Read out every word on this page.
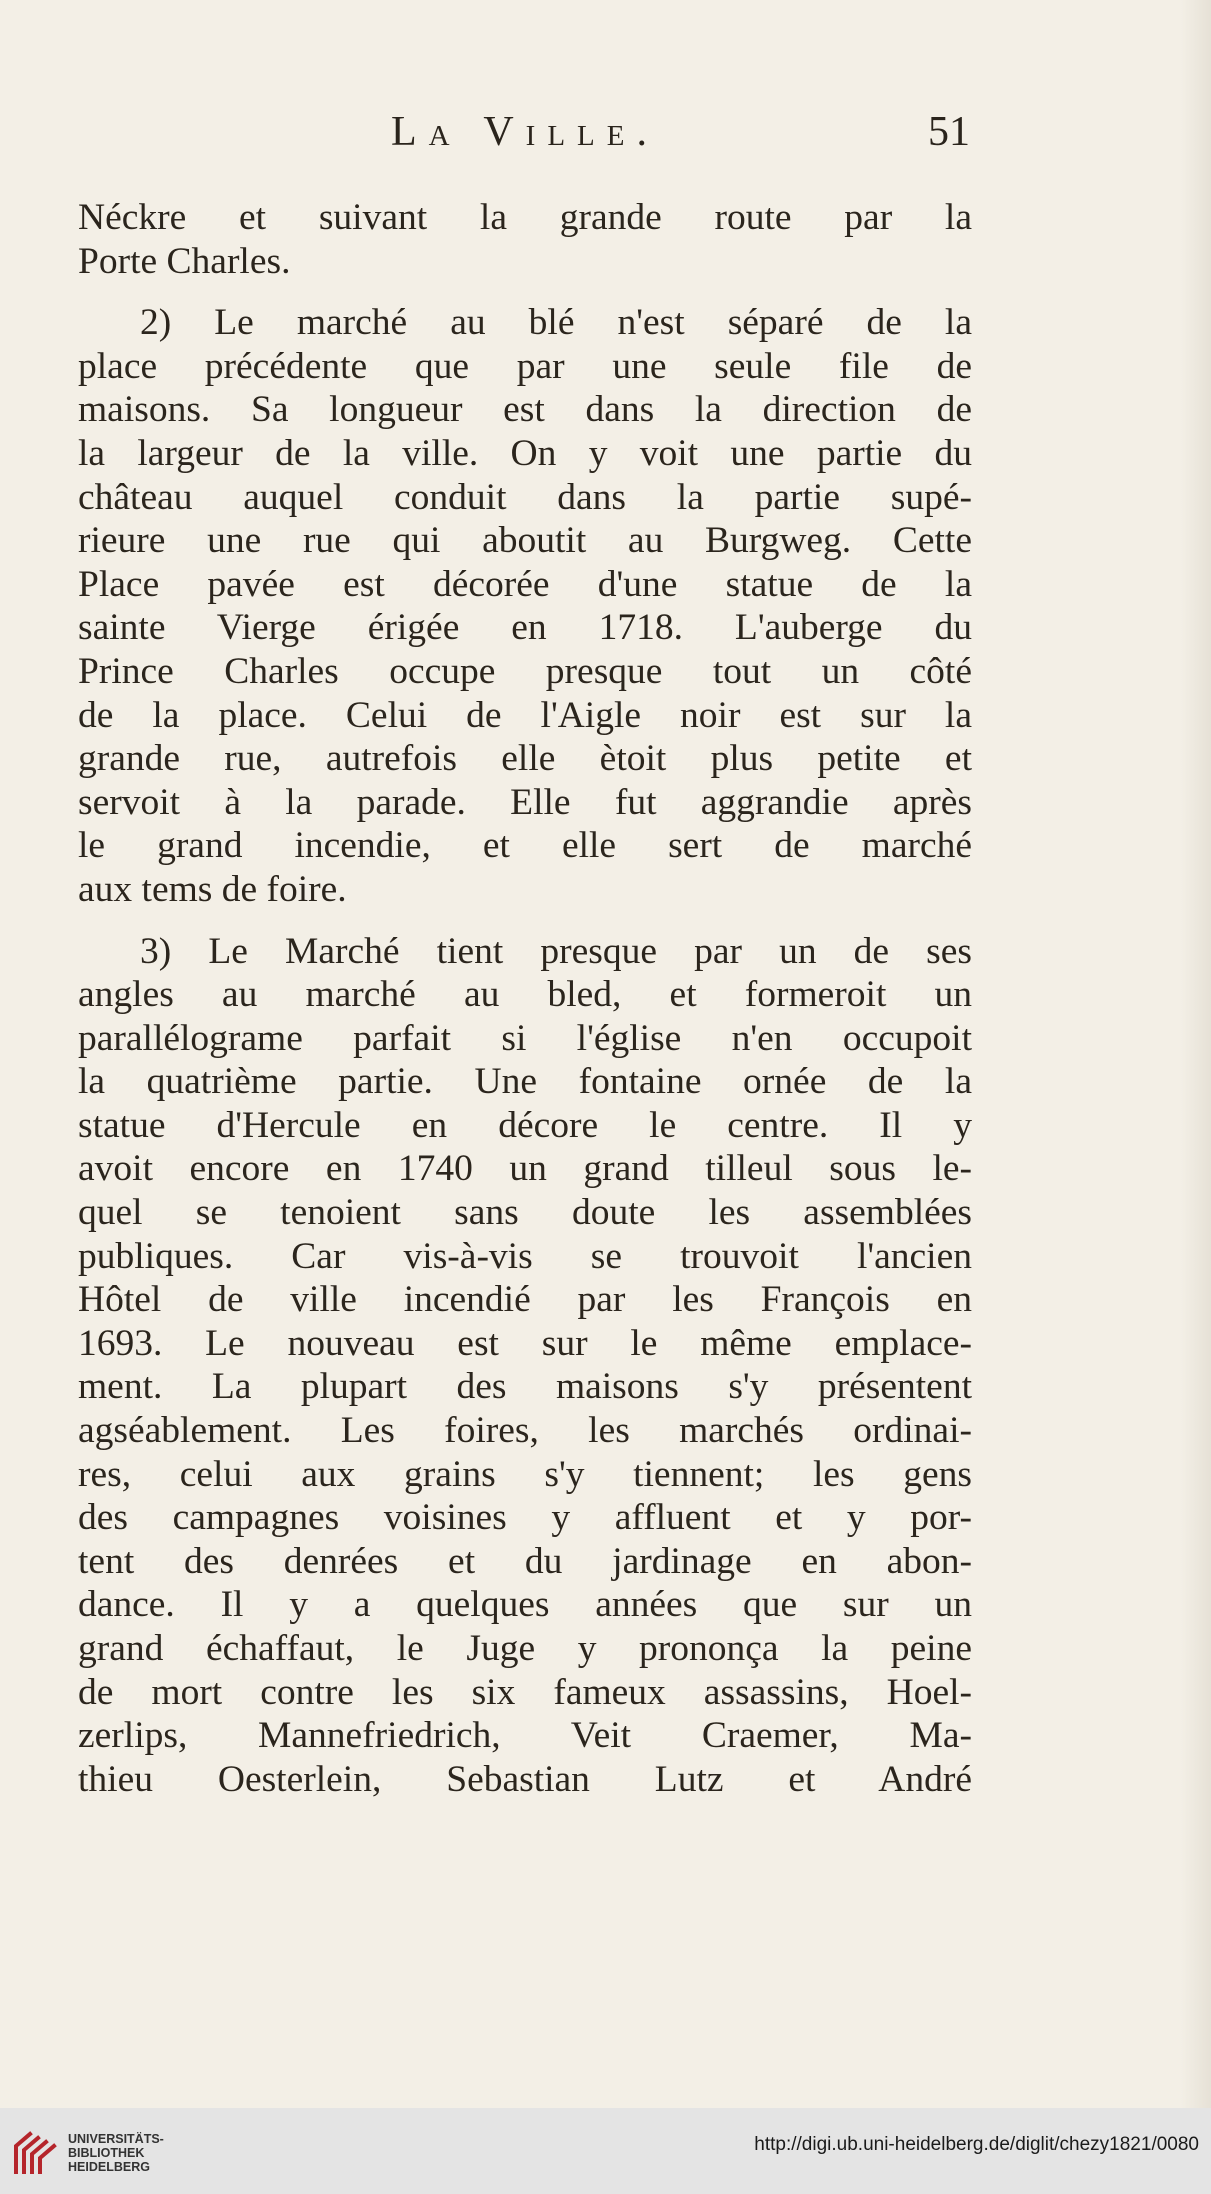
La Ville.	51
Néckre et suivant la grande route par la
Porte Charles.
2) Le marché au blé n'est séparé de la
place précédente que par une seule file de
maisons. Sa longueur est dans la direction de
la largeur de la ville. On y voit une partie du
château auquel conduit dans la partie supé-
rieure une rue qui aboutit au Burgweg. Cette
Place pavée est décorée d'une statue de la
sainte Vierge érigée en 1718. L'auberge du
Prince Charles occupe presque tout un côté
de la place. Celui de l'Aigle noir est sur la
grande rue, autrefois elle ètoit plus petite et
servoit à la parade. Elle fut aggrandie après
le grand incendie, et elle sert de marché
aux tems de foire.
3) Le Marché tient presque par un de ses
angles au marché au bled, et formeroit un
parallélograme parfait si l'église n'en occupoit
la quatrième partie. Une fontaine ornée de la
statue d'Hercule en décore le centre. Il y
avoit encore en 1740 un grand tilleul sous le-
quel se tenoient sans doute les assemblées
publiques. Car vis-à-vis se trouvoit l'ancien
Hôtel de ville incendié par les François en
1693. Le nouveau est sur le même emplace-
ment. La plupart des maisons s'y présentent
agséablement. Les foires, les marchés ordinai-
res, celui aux grains s'y tiennent; les gens
des campagnes voisines y affluent et y por-
tent des denrées et du jardinage en abon-
dance. Il y a quelques années que sur un
grand échaffaut, le Juge y prononça la peine
de mort contre les six fameux assassins, Hoel-
zerlips, Mannefriedrich, Veit Craemer, Ma-
thieu Oesterlein, Sebastian Lutz et André
UNIVERSITÄTS-
BIBLIOTHEK
HEIDELBERG
http://digi.ub.uni-heidelberg.de/diglit/chezy1821/0080
